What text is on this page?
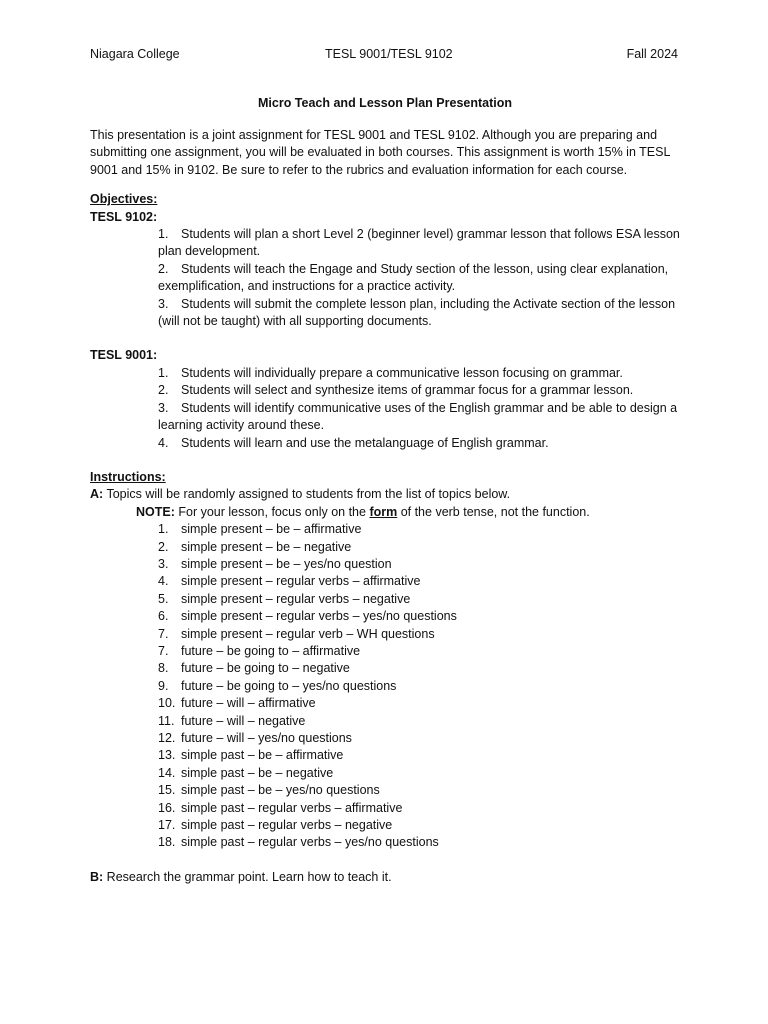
Niagara College	TESL 9001/TESL 9102	Fall 2024
Micro Teach and Lesson Plan Presentation
This presentation is a joint assignment for TESL 9001 and TESL 9102. Although you are preparing and submitting one assignment, you will be evaluated in both courses. This assignment is worth 15% in TESL 9001 and 15% in 9102. Be sure to refer to the rubrics and evaluation information for each course.
Objectives:
TESL 9102:
1. Students will plan a short Level 2 (beginner level) grammar lesson that follows ESA lesson plan development.
2. Students will teach the Engage and Study section of the lesson, using clear explanation, exemplification, and instructions for a practice activity.
3. Students will submit the complete lesson plan, including the Activate section of the lesson (will not be taught) with all supporting documents.
TESL 9001:
1. Students will individually prepare a communicative lesson focusing on grammar.
2. Students will select and synthesize items of grammar focus for a grammar lesson.
3. Students will identify communicative uses of the English grammar and be able to design a learning activity around these.
4. Students will learn and use the metalanguage of English grammar.
Instructions:
A: Topics will be randomly assigned to students from the list of topics below.
NOTE: For your lesson, focus only on the form of the verb tense, not the function.
1. simple present – be – affirmative
2. simple present – be – negative
3. simple present – be – yes/no question
4. simple present – regular verbs – affirmative
5. simple present – regular verbs – negative
6. simple present – regular verbs – yes/no questions
7. simple present – regular verb – WH questions
7. future – be going to – affirmative
8. future – be going to – negative
9. future – be going to – yes/no questions
10. future – will – affirmative
11. future – will – negative
12. future – will – yes/no questions
13. simple past – be – affirmative
14. simple past – be – negative
15. simple past – be – yes/no questions
16. simple past – regular verbs – affirmative
17. simple past – regular verbs – negative
18. simple past – regular verbs – yes/no questions
B: Research the grammar point. Learn how to teach it.
